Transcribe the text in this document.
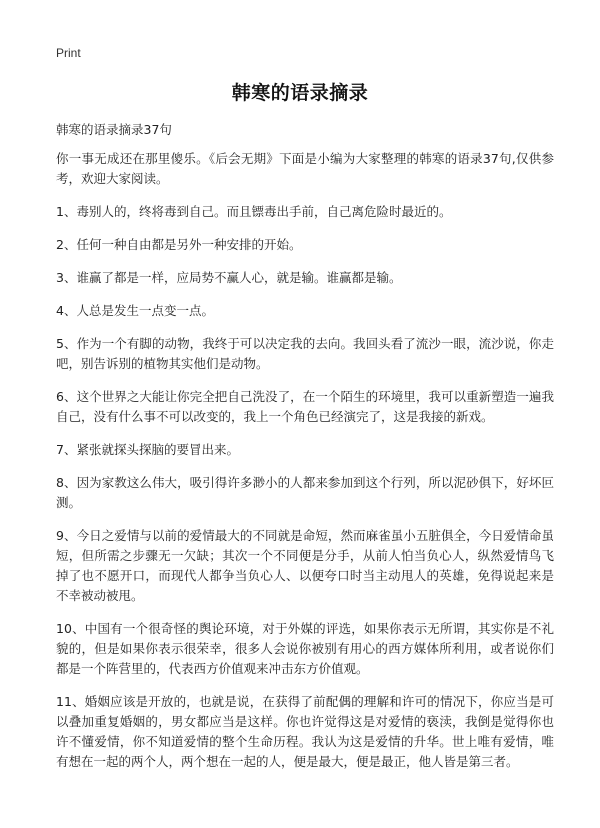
Print
韩寒的语录摘录
韩寒的语录摘录37句

你一事无成还在那里傻乐。《后会无期》下面是小编为大家整理的韩寒的语录37句,仅供参考，欢迎大家阅读。

1、毒别人的，终将毒到自己。而且镖毒出手前，自己离危险时最近的。

2、任何一种自由都是另外一种安排的开始。

3、谁赢了都是一样，应局势不赢人心，就是输。谁赢都是输。

4、人总是发生一点变一点。

5、作为一个有脚的动物，我终于可以决定我的去向。我回头看了流沙一眼，流沙说，你走吧，别告诉别的植物其实他们是动物。

6、这个世界之大能让你完全把自己洗没了，在一个陌生的环境里，我可以重新塑造一遍我自己，没有什么事不可以改变的，我上一个角色已经演完了，这是我接的新戏。

7、紧张就探头探脑的要冒出来。

8、因为家教这么伟大，吸引得许多渺小的人都来参加到这个行列，所以泥砂俱下，好坏叵测。

9、今日之爱情与以前的爱情最大的不同就是命短，然而麻雀虽小五脏俱全，今日爱情命虽短，但所需之步骤无一欠缺；其次一个不同便是分手，从前人怕当负心人，纵然爱情鸟飞掉了也不愿开口，而现代人都争当负心人、以便夸口时当主动甩人的英雄，免得说起来是不幸被动被甩。

10、中国有一个很奇怪的舆论环境，对于外媒的评选，如果你表示无所谓，其实你是不礼貌的，但是如果你表示很荣幸，很多人会说你被别有用心的西方媒体所利用，或者说你们都是一个阵营里的，代表西方价值观来冲击东方价值观。

11、婚姻应该是开放的，也就是说，在获得了前配偶的理解和许可的情况下，你应当是可以叠加重复婚姻的，男女都应当是这样。你也许觉得这是对爱情的亵渎，我倒是觉得你也许不懂爱情，你不知道爱情的整个生命历程。我认为这是爱情的升华。世上唯有爱情，唯有想在一起的两个人，两个想在一起的人，便是最大，便是最正，他人皆是第三者。
